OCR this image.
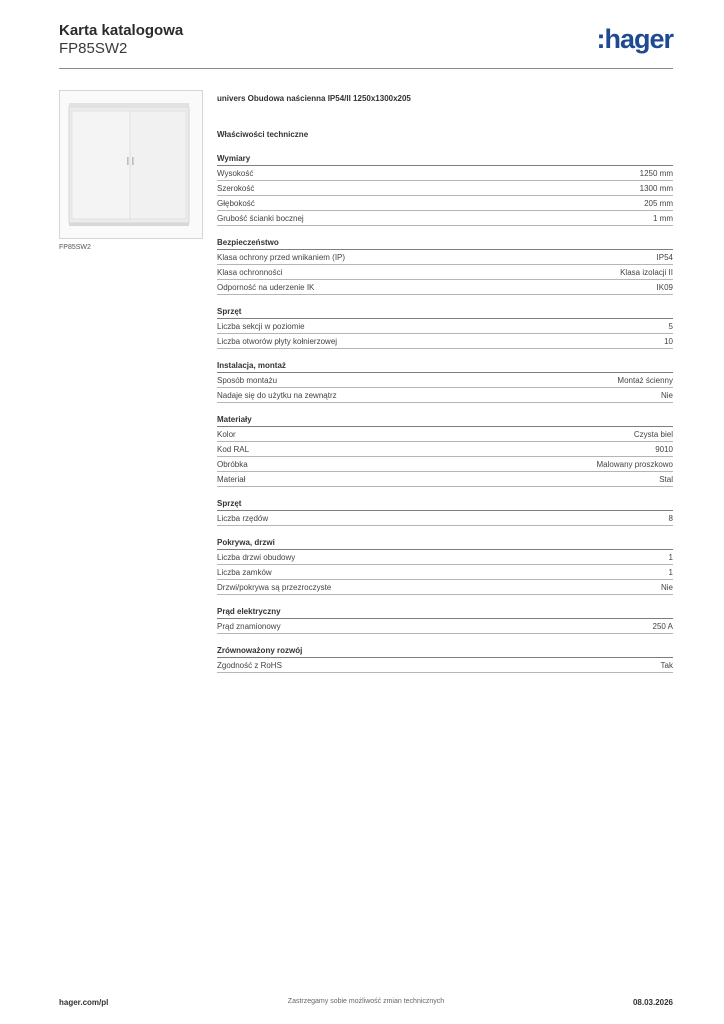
Karta katalogowa
FP85SW2	:hager
FP85SW2
univers Obudowa naścienna IP54/II 1250x1300x205
Właściwości techniczne
Wymiary
Wysokość	1250 mm
Szerokość	1300 mm
Głębokość	205 mm
Grubość ścianki bocznej	1 mm
Bezpieczeństwo
Klasa ochrony przed wnikaniem (IP)	IP54
Klasa ochronności	Klasa izolacji II
Odporność na uderzenie IK	IK09
Sprzęt
Liczba sekcji w poziomie	5
Liczba otworów płyty kołnierzowej	10
Instalacja, montaż
Sposób montażu	Montaż ścienny
Nadaje się do użytku na zewnątrz	Nie
Materiały
Kolor	Czysta biel
Kod RAL	9010
Obróbka	Malowany proszkowo
Materiał	Stal
Sprzęt
Liczba rzędów	8
Pokrywa, drzwi
Liczba drzwi obudowy	1
Liczba zamków	1
Drzwi/pokrywa są przezroczyste	Nie
Prąd elektryczny
Prąd znamionowy	250 A
Zrównoważony rozwój
Zgodność z RoHS	Tak
hager.com/pl	Zastrzegamy sobie możliwość zmian technicznych	08.03.2026
